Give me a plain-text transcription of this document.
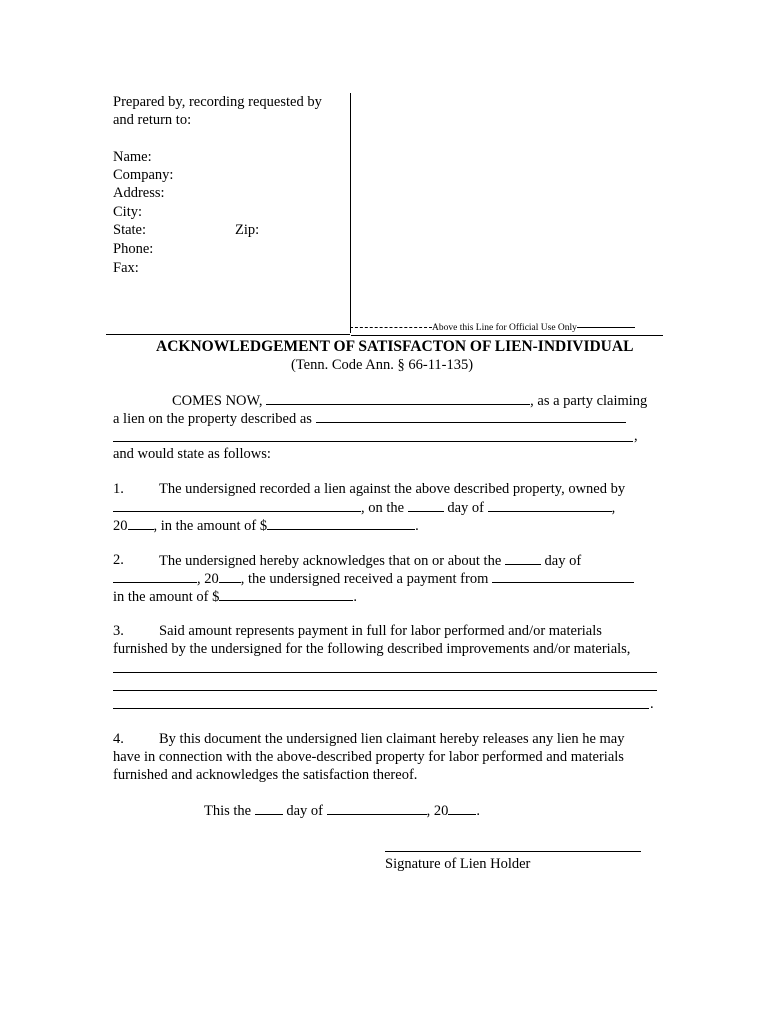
Prepared by, recording requested by
and return to:
Name:
Company:
Address:
City:
State:	Zip:
Phone:
Fax:
Above this Line for Official Use Only
ACKNOWLEDGEMENT OF SATISFACTON OF LIEN-INDIVIDUAL
(Tenn. Code Ann. § 66-11-135)
COMES NOW,	, as a party claiming
a lien on the property described as
,
and would state as follows:
1. The undersigned recorded a lien against the above described property, owned by
, on the	day of	,
20 , in the amount of $	.
2. The undersigned hereby acknowledges that on or about the	day of
, 20 , the undersigned received a payment from
in the amount of $	.
3. Said amount represents payment in full for labor performed and/or materials
furnished by the undersigned for the following described improvements and/or materials,
.
4. By this document the undersigned lien claimant hereby releases any lien he may
have in connection with the above-described property for labor performed and materials
furnished and acknowledges the satisfaction thereof.
This the day of	, 20 .
Signature of Lien Holder
